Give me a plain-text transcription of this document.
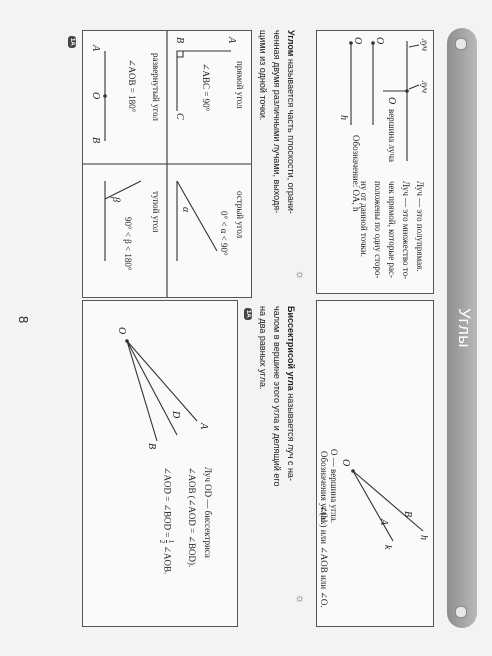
Углы
луч
луч
O
вершина луча
O
O
h
Обозначение: OA, h
Луч — это полупрямая.
Луч — это множество то-
чек прямой, которые рас-
положены по одну сторо-
ну от данной точки.
O
B
A
h
k
O — вершина угла.
Обозначения угла:
∠(hk) или ∠AOB или ∠O.
☼
Углом называется часть плоскости, ограни-
ченная двумя различными лучами, выходя-
щими из одной точки.
прямой угол
A
B
C
∠ABC = 90°
острый угол
α
0° < α < 90°
развернутый угол
∠AOB = 180°
A
O
B
тупой угол
β
90° < β < 180°
1А
Биссектрисой угла называется луч с на-
чалом в вершине этого угла и делящий его
на два равных угла.
1А
☼
O
A
D
B
Луч OD — биссектриса
∠AOB (∠AOD = ∠BOD).
∠AOD = ∠BOD =
1
2
∠AOB.
8
